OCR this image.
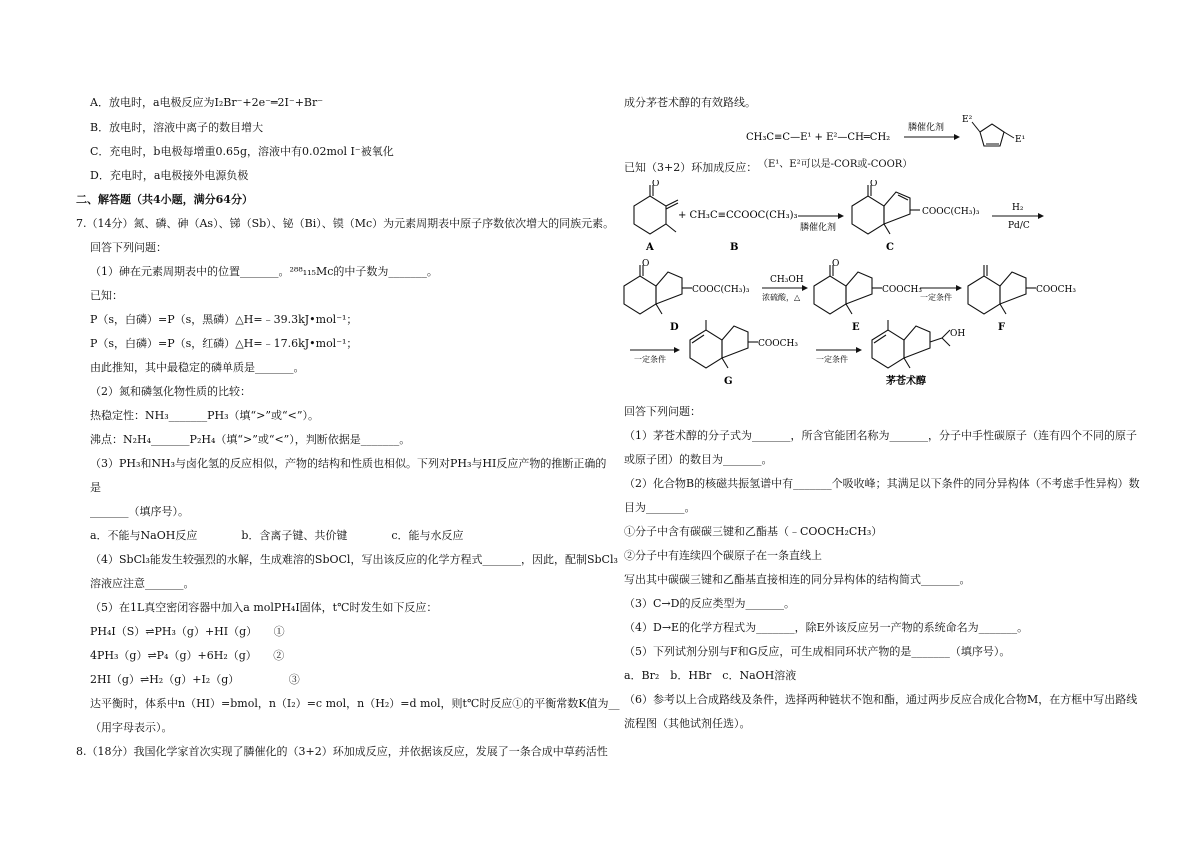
A．放电时，a电极反应为I₂Br⁻+2e⁻═2I⁻+Br⁻
B．放电时，溶液中离子的数目增大
C．充电时，b电极每增重0.65g，溶液中有0.02mol I⁻被氧化
D．充电时，a电极接外电源负极
二、解答题（共4小题，满分64分）
7.（14分）氮、磷、砷（As）、锑（Sb）、铋（Bi）、镆（Mc）为元素周期表中原子序数依次增大的同族元素。
回答下列问题：
（1）砷在元素周期表中的位置_______。²⁸⁸₁₁₅Mc的中子数为_______。
已知：
P（s，白磷）=P（s，黑磷）△H=﹣39.3kJ•mol⁻¹；
P（s，白磷）=P（s，红磷）△H=﹣17.6kJ•mol⁻¹；
由此推知，其中最稳定的磷单质是_______。
（2）氮和磷氢化物性质的比较：
热稳定性：NH₃_______PH₃（填“>”或“<”）。
沸点：N₂H₄_______P₂H₄（填“>”或“<”），判断依据是_______。
（3）PH₃和NH₃与卤化氢的反应相似，产物的结构和性质也相似。下列对PH₃与HI反应产物的推断正确的
是
_______（填序号）。
a．不能与NaOH反应　　　　b．含离子键、共价键　　　　c．能与水反应
（4）SbCl₃能发生较强烈的水解，生成难溶的SbOCl，写出该反应的化学方程式_______，因此，配制SbCl₃
溶液应注意_______。
（5）在1L真空密闭容器中加入a molPH₄I固体，t℃时发生如下反应：
PH₄I（S）⇌PH₃（g）+HI（g）　　①
4PH₃（g）⇌P₄（g）+6H₂（g）　　②
2HI（g）⇌H₂（g）+I₂（g）　　　　　③
达平衡时，体系中n（HI）=bmol，n（I₂）=c mol，n（H₂）=d mol，则t℃时反应①的平衡常数K值为__
（用字母表示）。
8.（18分）我国化学家首次实现了膦催化的（3+2）环加成反应，并依据该反应，发展了一条合成中草药活性
成分茅苍术醇的有效路线。
CH₃C≡C—E¹ + E²—CH═CH₂
膦催化剂
E²
E¹
已知（3+2）环加成反应： （E¹、E²可以是-COR或-COOR）
O
+ CH₃C≡CCOOC(CH₃)₃
A	B
膦催化剂
O
COOC(CH₃)₃
C
H₂
Pd/C
O
COOC(CH₃)₃
D
CH₃OH
浓硫酸，△
O
COOCH₃
E
一定条件
COOCH₃
F
一定条件
COOCH₃
G
一定条件
OH
茅苍术醇
回答下列问题：
（1）茅苍术醇的分子式为_______，所含官能团名称为_______，分子中手性碳原子（连有四个不同的原子
或原子团）的数目为_______。
（2）化合物B的核磁共振氢谱中有_______个吸收峰；其满足以下条件的同分异构体（不考虑手性异构）数
目为_______。
①分子中含有碳碳三键和乙酯基（﹣COOCH₂CH₃）
②分子中有连续四个碳原子在一条直线上
写出其中碳碳三键和乙酯基直接相连的同分异构体的结构简式_______。
（3）C→D的反应类型为_______。
（4）D→E的化学方程式为_______，除E外该反应另一产物的系统命名为_______。
（5）下列试剂分别与F和G反应，可生成相同环状产物的是_______（填序号）。
a．Br₂　b．HBr　c．NaOH溶液
（6）参考以上合成路线及条件，选择两种链状不饱和酯，通过两步反应合成化合物M，在方框中写出路线
流程图（其他试剂任选）。
